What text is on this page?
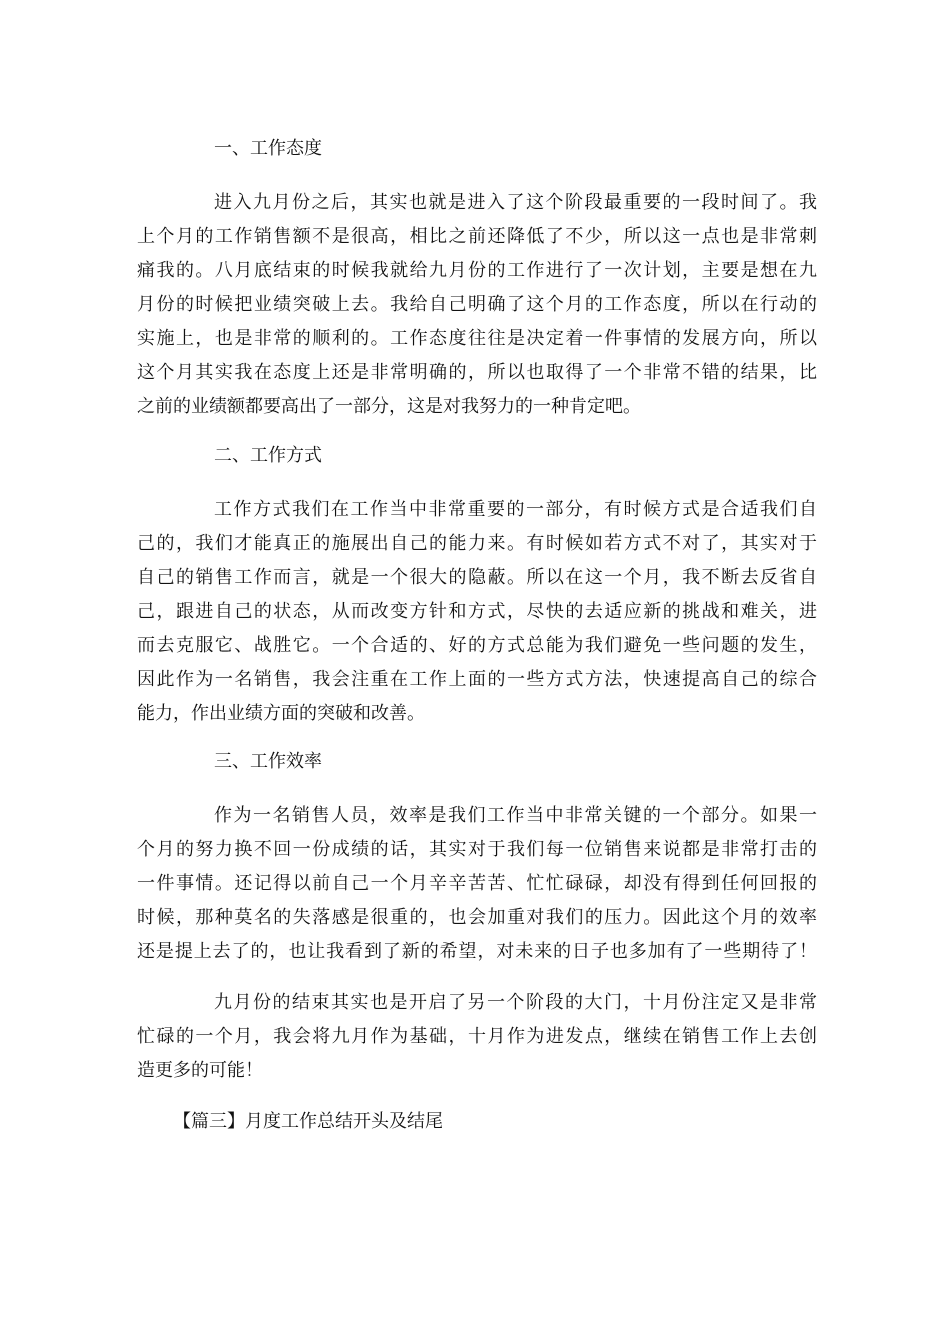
一、工作态度

进入九月份之后，其实也就是进入了这个阶段最重要的一段时间了。我
上个月的工作销售额不是很高，相比之前还降低了不少，所以这一点也是非常刺
痛我的。八月底结束的时候我就给九月份的工作进行了一次计划，主要是想在九
月份的时候把业绩突破上去。我给自己明确了这个月的工作态度，所以在行动的
实施上，也是非常的顺利的。工作态度往往是决定着一件事情的发展方向，所以
这个月其实我在态度上还是非常明确的，所以也取得了一个非常不错的结果，比
之前的业绩额都要高出了一部分，这是对我努力的一种肯定吧。

二、工作方式

工作方式我们在工作当中非常重要的一部分，有时候方式是合适我们自
己的，我们才能真正的施展出自己的能力来。有时候如若方式不对了，其实对于
自己的销售工作而言，就是一个很大的隐蔽。所以在这一个月，我不断去反省自
己，跟进自己的状态，从而改变方针和方式，尽快的去适应新的挑战和难关，进
而去克服它、战胜它。一个合适的、好的方式总能为我们避免一些问题的发生，
因此作为一名销售，我会注重在工作上面的一些方式方法，快速提高自己的综合
能力，作出业绩方面的突破和改善。

三、工作效率

作为一名销售人员，效率是我们工作当中非常关键的一个部分。如果一
个月的努力换不回一份成绩的话，其实对于我们每一位销售来说都是非常打击的
一件事情。还记得以前自己一个月辛辛苦苦、忙忙碌碌，却没有得到任何回报的
时候，那种莫名的失落感是很重的，也会加重对我们的压力。因此这个月的效率
还是提上去了的，也让我看到了新的希望，对未来的日子也多加有了一些期待了！

九月份的结束其实也是开启了另一个阶段的大门，十月份注定又是非常
忙碌的一个月，我会将九月作为基础，十月作为进发点，继续在销售工作上去创
造更多的可能！

【篇三】月度工作总结开头及结尾
